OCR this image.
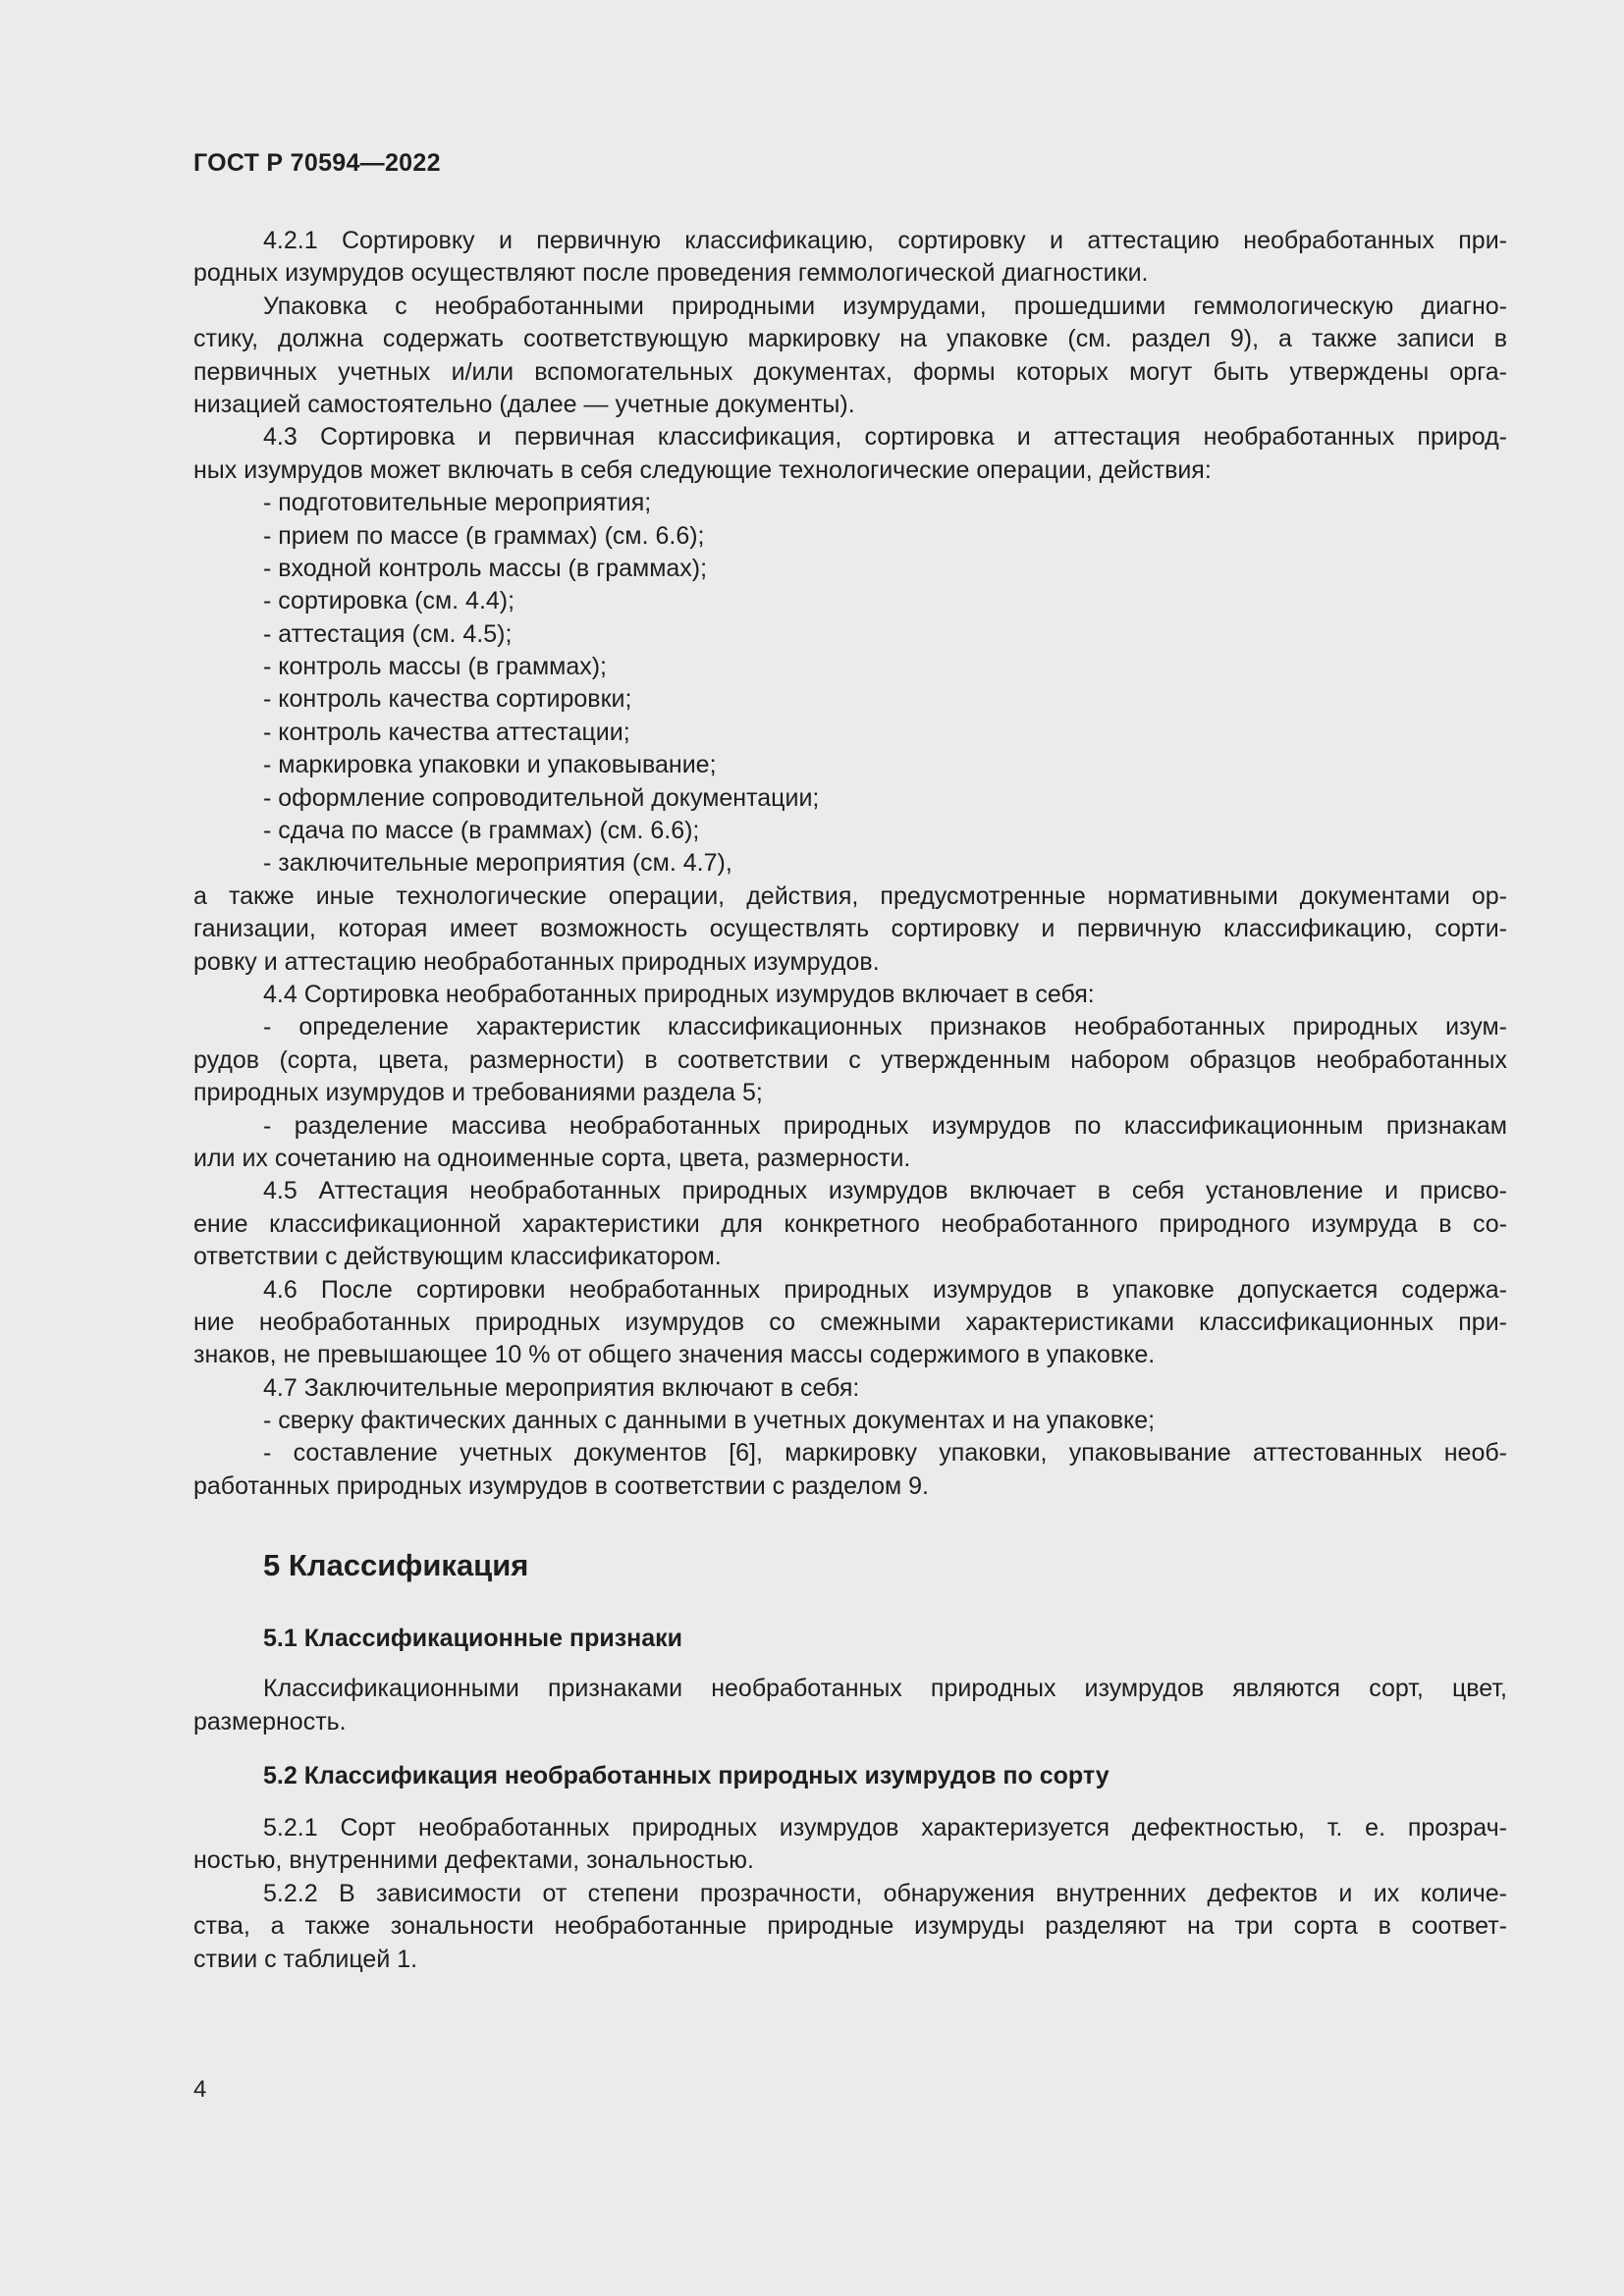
ГОСТ Р 70594—2022
4.2.1 Сортировку и первичную классификацию, сортировку и аттестацию необработанных при-
родных изумрудов осуществляют после проведения геммологической диагностики.
Упаковка с необработанными природными изумрудами, прошедшими геммологическую диагно-
стику, должна содержать соответствующую маркировку на упаковке (см. раздел 9), а также записи в
первичных учетных и/или вспомогательных документах, формы которых могут быть утверждены орга-
низацией самостоятельно (далее — учетные документы).
4.3 Сортировка и первичная классификация, сортировка и аттестация необработанных природ-
ных изумрудов может включать в себя следующие технологические операции, действия:
- подготовительные мероприятия;
- прием по массе (в граммах) (см. 6.6);
- входной контроль массы (в граммах);
- сортировка (см. 4.4);
- аттестация (см. 4.5);
- контроль массы (в граммах);
- контроль качества сортировки;
- контроль качества аттестации;
- маркировка упаковки и упаковывание;
- оформление сопроводительной документации;
- сдача по массе (в граммах) (см. 6.6);
- заключительные мероприятия (см. 4.7),
а также иные технологические операции, действия, предусмотренные нормативными документами ор-
ганизации, которая имеет возможность осуществлять сортировку и первичную классификацию, сорти-
ровку и аттестацию необработанных природных изумрудов.
4.4 Сортировка необработанных природных изумрудов включает в себя:
- определение характеристик классификационных признаков необработанных природных изум-
рудов (сорта, цвета, размерности) в соответствии с утвержденным набором образцов необработанных
природных изумрудов и требованиями раздела 5;
- разделение массива необработанных природных изумрудов по классификационным признакам
или их сочетанию на одноименные сорта, цвета, размерности.
4.5 Аттестация необработанных природных изумрудов включает в себя установление и присво-
ение классификационной характеристики для конкретного необработанного природного изумруда в со-
ответствии с действующим классификатором.
4.6 После сортировки необработанных природных изумрудов в упаковке допускается содержа-
ние необработанных природных изумрудов со смежными характеристиками классификационных при-
знаков, не превышающее 10 % от общего значения массы содержимого в упаковке.
4.7 Заключительные мероприятия включают в себя:
- сверку фактических данных с данными в учетных документах и на упаковке;
- составление учетных документов [6], маркировку упаковки, упаковывание аттестованных необ-
работанных природных изумрудов в соответствии с разделом 9.
5 Классификация
5.1 Классификационные признаки
Классификационными признаками необработанных природных изумрудов являются сорт, цвет,
размерность.
5.2 Классификация необработанных природных изумрудов по сорту
5.2.1 Сорт необработанных природных изумрудов характеризуется дефектностью, т. е. прозрач-
ностью, внутренними дефектами, зональностью.
5.2.2 В зависимости от степени прозрачности, обнаружения внутренних дефектов и их количе-
ства, а также зональности необработанные природные изумруды разделяют на три сорта в соответ-
ствии с таблицей 1.
4
